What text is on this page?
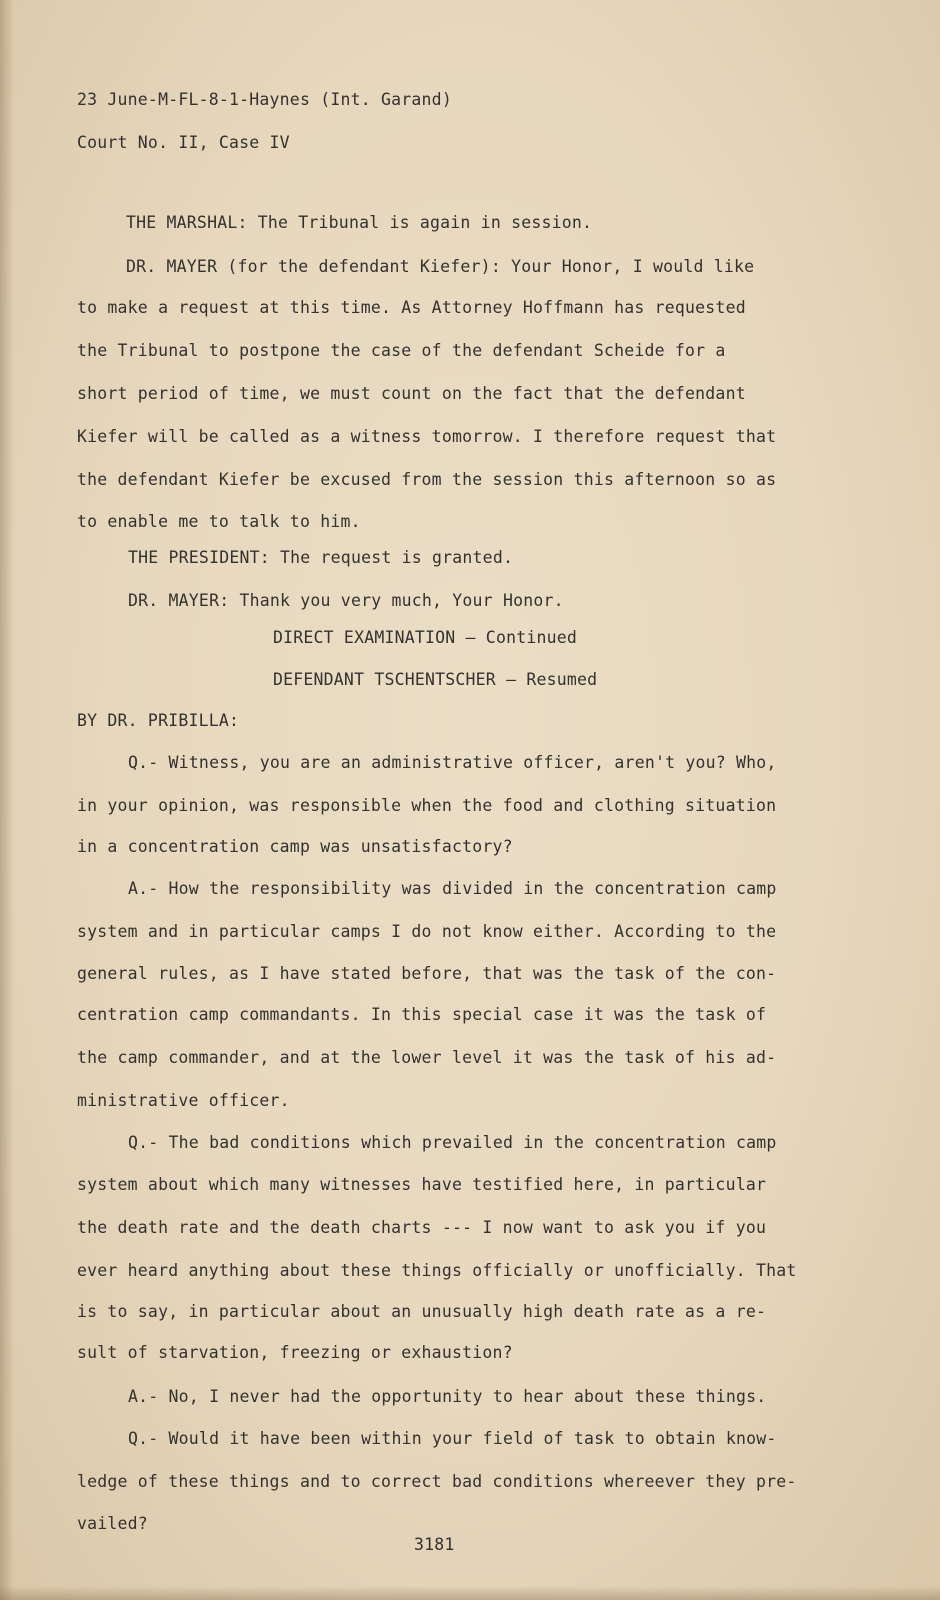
23 June-M-FL-8-1-Haynes (Int. Garand)
Court No. II, Case IV
THE MARSHAL: The Tribunal is again in session.
DR. MAYER (for the defendant Kiefer): Your Honor, I would like
to make a request at this time. As Attorney Hoffmann has requested
the Tribunal to postpone the case of the defendant Scheide for a
short period of time, we must count on the fact that the defendant
Kiefer will be called as a witness tomorrow. I therefore request that
the defendant Kiefer be excused from the session this afternoon so as
to enable me to talk to him.
THE PRESIDENT: The request is granted.
DR. MAYER: Thank you very much, Your Honor.
DIRECT EXAMINATION — Continued
DEFENDANT TSCHENTSCHER — Resumed
BY DR. PRIBILLA:
Q.- Witness, you are an administrative officer, aren't you? Who,
in your opinion, was responsible when the food and clothing situation
in a concentration camp was unsatisfactory?
A.- How the responsibility was divided in the concentration camp
system and in particular camps I do not know either. According to the
general rules, as I have stated before, that was the task of the con-
centration camp commandants. In this special case it was the task of
the camp commander, and at the lower level it was the task of his ad-
ministrative officer.
Q.- The bad conditions which prevailed in the concentration camp
system about which many witnesses have testified here, in particular
the death rate and the death charts --- I now want to ask you if you
ever heard anything about these things officially or unofficially. That
is to say, in particular about an unusually high death rate as a re-
sult of starvation, freezing or exhaustion?
A.- No, I never had the opportunity to hear about these things.
Q.- Would it have been within your field of task to obtain know-
ledge of these things and to correct bad conditions whereever they pre-
vailed?
3181
